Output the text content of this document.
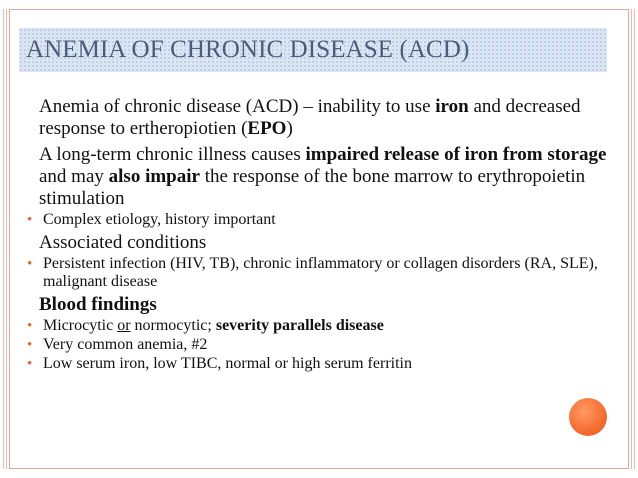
ANEMIA OF CHRONIC DISEASE (ACD)
Anemia of chronic disease (ACD) – inability to use iron and decreased response to ertheropiotien (EPO)
A long-term chronic illness causes impaired release of iron from storage and may also impair the response of the bone marrow to erythropoietin stimulation
• Complex etiology, history important
Associated conditions
• Persistent infection (HIV, TB), chronic inflammatory or collagen disorders (RA, SLE), malignant disease
Blood findings
• Microcytic or normocytic; severity parallels disease
• Very common anemia, #2
• Low serum iron, low TIBC, normal or high serum ferritin
